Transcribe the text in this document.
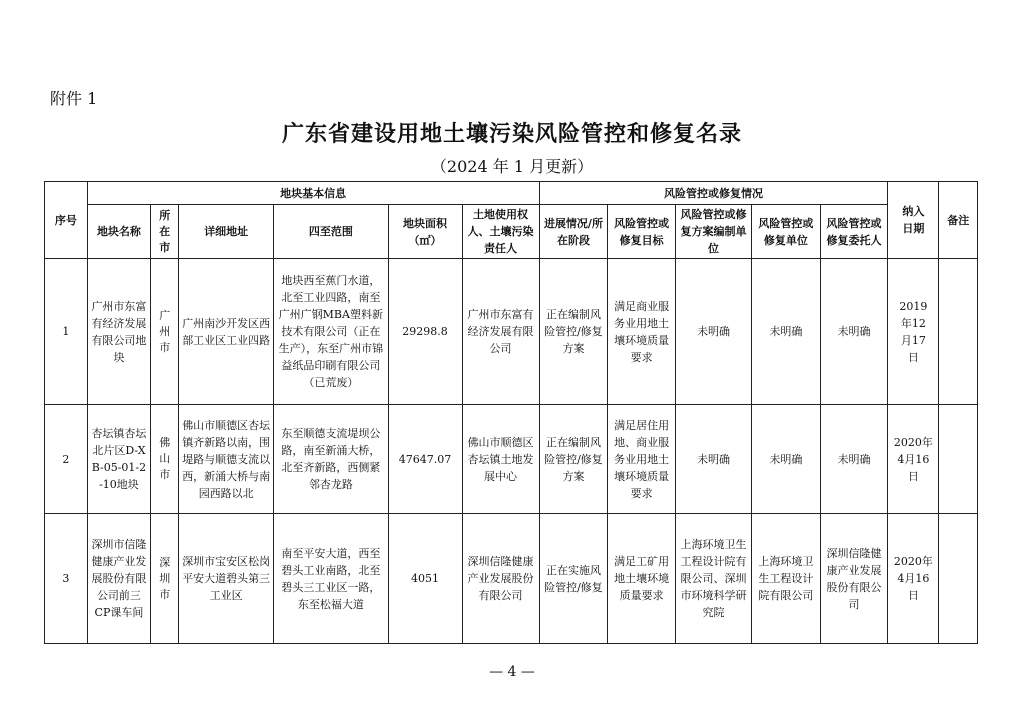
附件 1
广东省建设用地土壤污染风险管控和修复名录
（2024 年 1 月更新）
序号	地块基本信息						风险管控或修复情况					纳入日期	备注
	地块名称	所在市	详细地址	四至范围	地块面积（㎡）	土地使用权人、土壤污染责任人	进展情况/所在阶段	风险管控或修复目标	风险管控或修复方案编制单位	风险管控或修复单位	风险管控或修复委托人		
1	广州市东富有经济发展有限公司地块	广州市	广州南沙开发区西部工业区工业四路	地块西至蕉门水道，北至工业四路，南至广州广钢MBA塑料新技术有限公司（正在生产），东至广州市锦益纸品印刷有限公司（已荒废）	29298.8	广州市东富有经济发展有限公司	正在编制风险管控/修复方案	满足商业服务业用地土壤环境质量要求	未明确	未明确	未明确	2019年12月17日	
2	杏坛镇杏坛北片区D-XB-05-01-2-10地块	佛山市	佛山市顺德区杏坛镇齐新路以南，围堤路与顺德支流以西，新涌大桥与南园西路以北	东至顺德支流堤坝公路，南至新涌大桥，北至齐新路，西侧紧邻杏龙路	47647.07	佛山市顺德区杏坛镇土地发展中心	正在编制风险管控/修复方案	满足居住用地、商业服务业用地土壤环境质量要求	未明确	未明确	未明确	2020年4月16日	
3	深圳市信隆健康产业发展股份有限公司前三CP课车间	深圳市	深圳市宝安区松岗平安大道碧头第三工业区	南至平安大道，西至碧头工业南路，北至碧头三工业区一路，东至松福大道	4051	深圳信隆健康产业发展股份有限公司	正在实施风险管控/修复	满足工矿用地土壤环境质量要求	上海环境卫生工程设计院有限公司、深圳市环境科学研究院	上海环境卫生工程设计院有限公司	深圳信隆健康产业发展股份有限公司	2020年4月16日	
— 4 —
